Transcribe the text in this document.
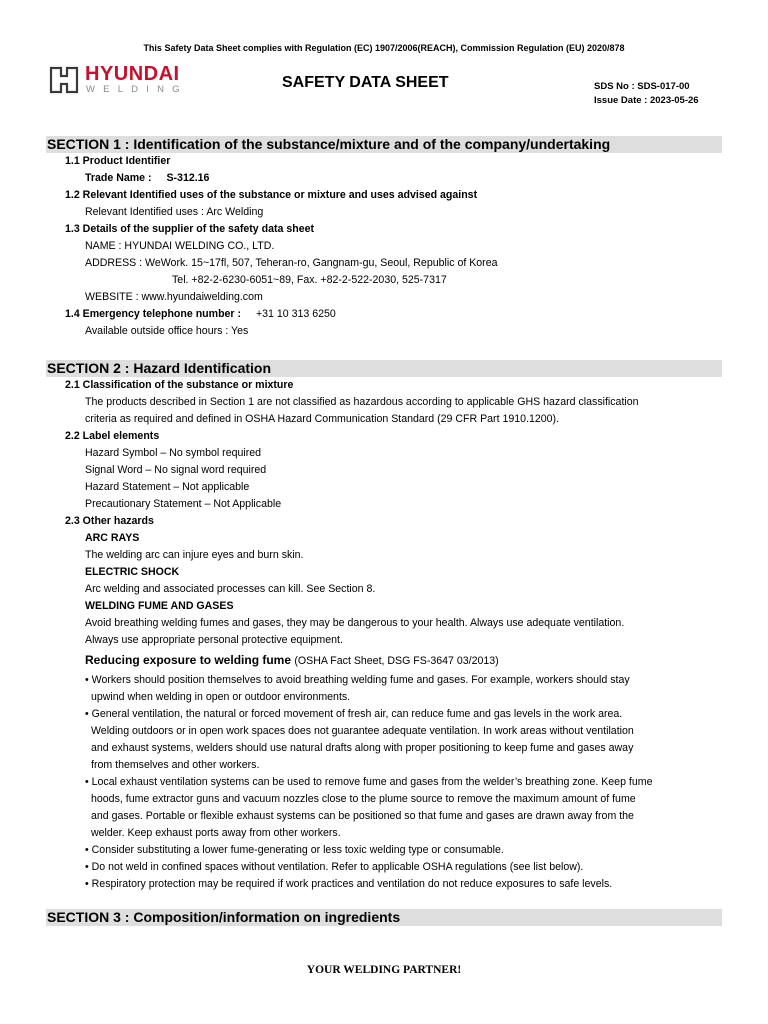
This Safety Data Sheet complies with Regulation (EC) 1907/2006(REACH), Commission Regulation (EU) 2020/878
HYUNDAI
WELDING	SAFETY DATA SHEET	SDS No : SDS-017-00
Issue Date : 2023-05-26
SECTION 1 : Identification of the substance/mixture and of the company/undertaking
1.1 Product Identifier
Trade Name : S-312.16
1.2 Relevant Identified uses of the substance or mixture and uses advised against
Relevant Identified uses : Arc Welding
1.3 Details of the supplier of the safety data sheet
NAME : HYUNDAI WELDING CO., LTD.
ADDRESS : WeWork. 15~17fl, 507, Teheran-ro, Gangnam-gu, Seoul, Republic of Korea
Tel. +82-2-6230-6051~89, Fax. +82-2-522-2030, 525-7317
WEBSITE : www.hyundaiwelding.com
1.4 Emergency telephone number : +31 10 313 6250
Available outside office hours : Yes
SECTION 2 : Hazard Identification
2.1 Classification of the substance or mixture
The products described in Section 1 are not classified as hazardous according to applicable GHS hazard classification
criteria as required and defined in OSHA Hazard Communication Standard (29 CFR Part 1910.1200).
2.2 Label elements
Hazard Symbol – No symbol required
Signal Word – No signal word required
Hazard Statement – Not applicable
Precautionary Statement – Not Applicable
2.3 Other hazards
ARC RAYS
The welding arc can injure eyes and burn skin.
ELECTRIC SHOCK
Arc welding and associated processes can kill. See Section 8.
WELDING FUME AND GASES
Avoid breathing welding fumes and gases, they may be dangerous to your health. Always use adequate ventilation.
Always use appropriate personal protective equipment.
Reducing exposure to welding fume (OSHA Fact Sheet, DSG FS-3647 03/2013)
• Workers should position themselves to avoid breathing welding fume and gases. For example, workers should stay
upwind when welding in open or outdoor environments.
• General ventilation, the natural or forced movement of fresh air, can reduce fume and gas levels in the work area.
Welding outdoors or in open work spaces does not guarantee adequate ventilation. In work areas without ventilation
and exhaust systems, welders should use natural drafts along with proper positioning to keep fume and gases away
from themselves and other workers.
• Local exhaust ventilation systems can be used to remove fume and gases from the welder’s breathing zone. Keep fume
hoods, fume extractor guns and vacuum nozzles close to the plume source to remove the maximum amount of fume
and gases. Portable or flexible exhaust systems can be positioned so that fume and gases are drawn away from the
welder. Keep exhaust ports away from other workers.
• Consider substituting a lower fume-generating or less toxic welding type or consumable.
• Do not weld in confined spaces without ventilation. Refer to applicable OSHA regulations (see list below).
• Respiratory protection may be required if work practices and ventilation do not reduce exposures to safe levels.
SECTION 3 : Composition/information on ingredients
YOUR WELDING PARTNER!
